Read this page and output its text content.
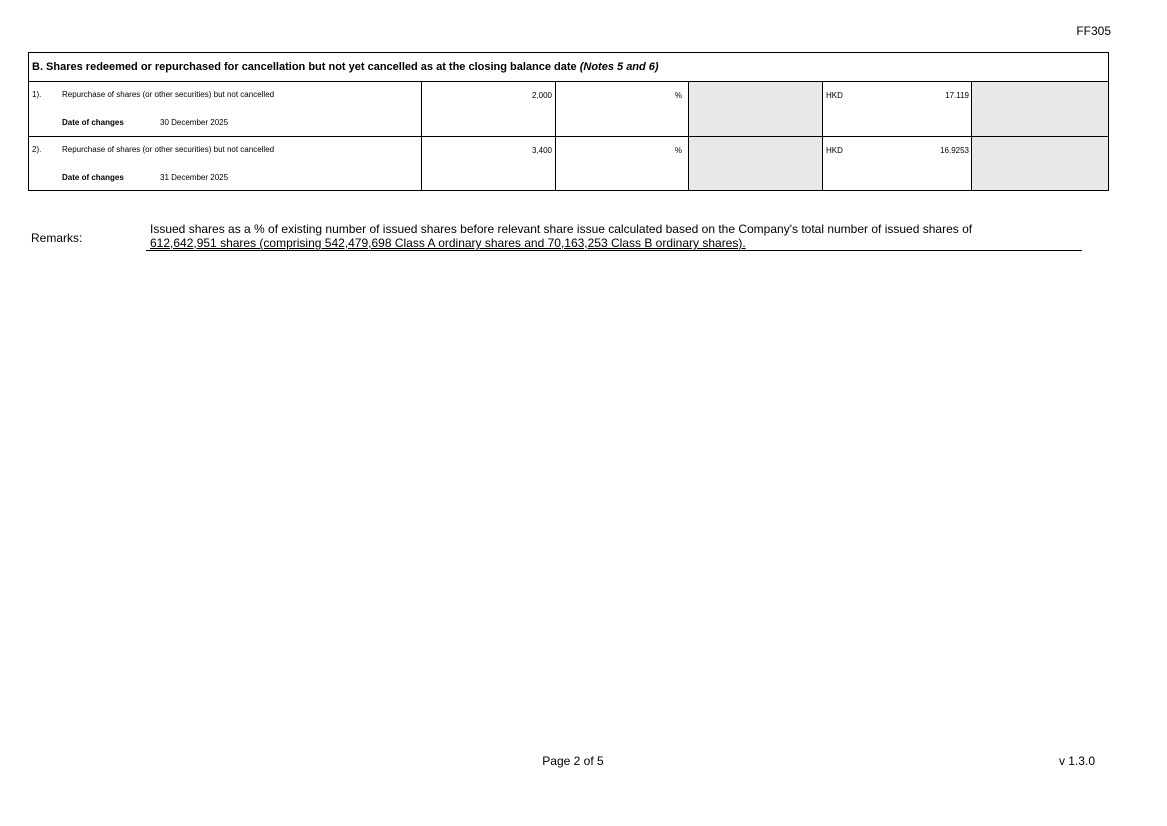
FF305
B. Shares redeemed or repurchased for cancellation but not yet cancelled as at the closing balance date (Notes 5 and 6)
1).	Repurchase of shares (or other securities) but not cancelled
Date of changes	30 December 2025
2,000	%	HKD	17.119
2).	Repurchase of shares (or other securities) but not cancelled
Date of changes	31 December 2025
3,400	%	HKD	16.9253
Remarks:
Issued shares as a % of existing number of issued shares before relevant share issue calculated based on the Company's total number of issued shares of
612,642,951 shares (comprising 542,479,698 Class A ordinary shares and 70,163,253 Class B ordinary shares).
Page 2 of 5	v 1.3.0
